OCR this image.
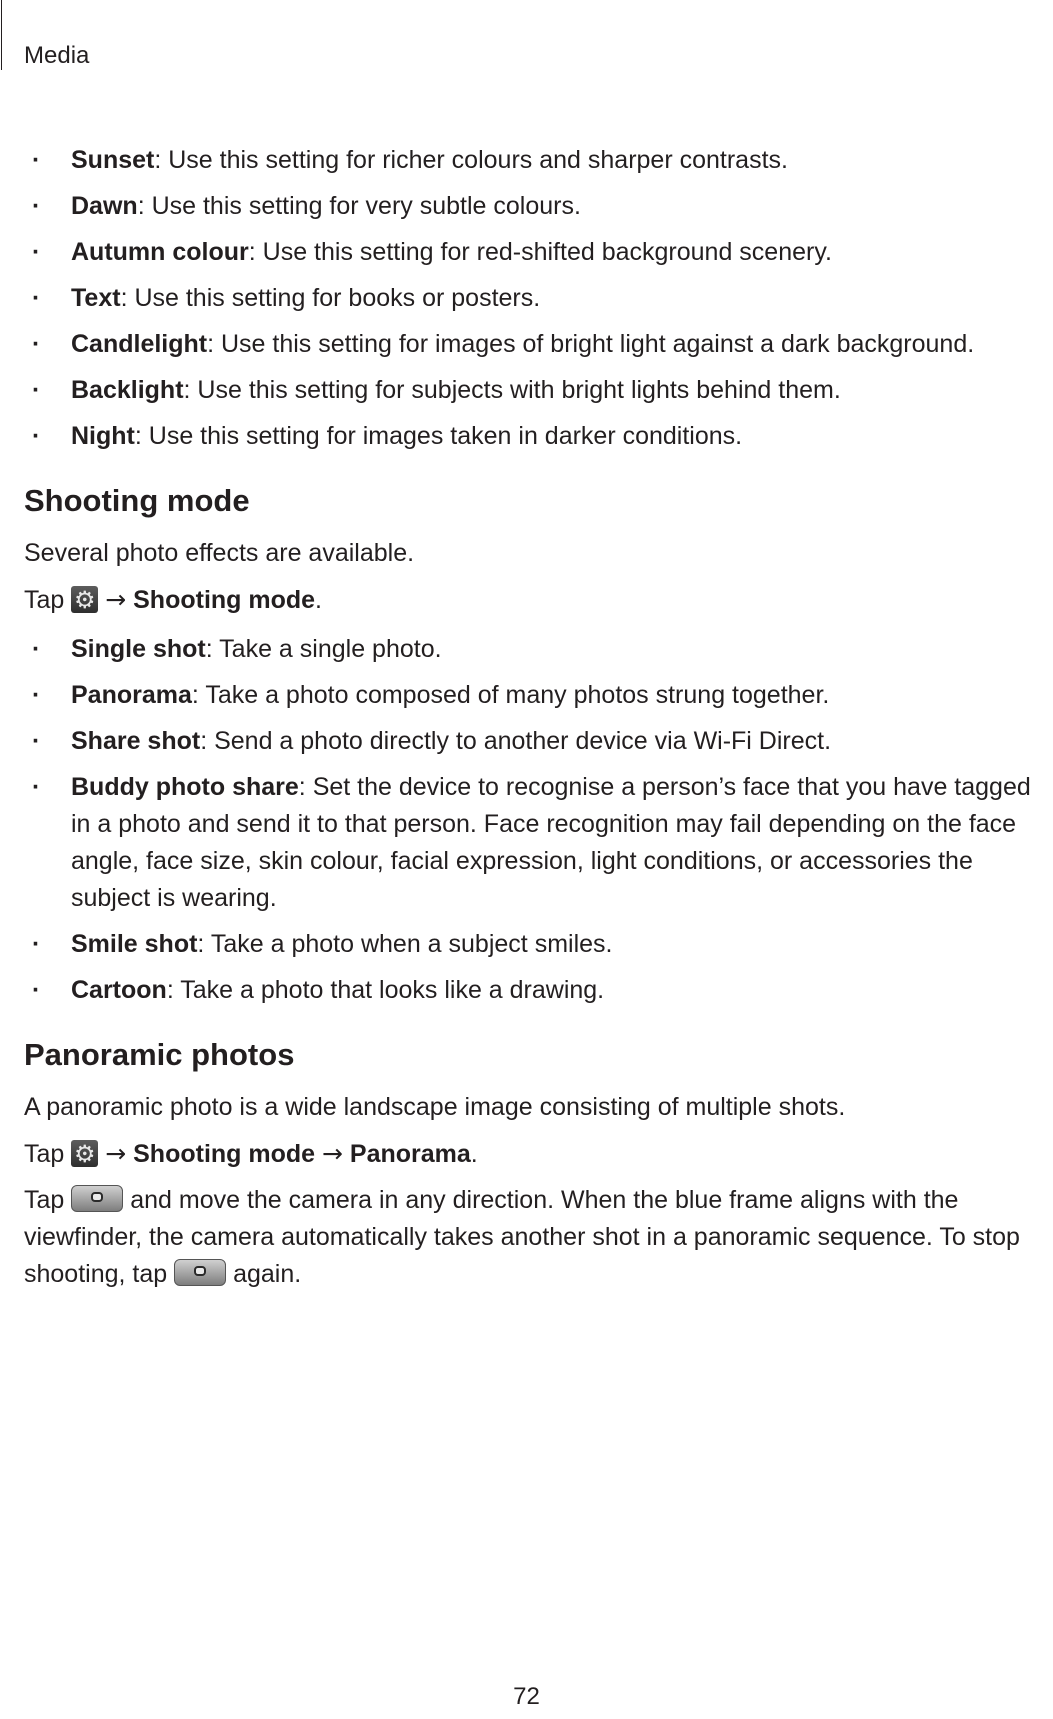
Media
· Sunset: Use this setting for richer colours and sharper contrasts.
· Dawn: Use this setting for very subtle colours.
· Autumn colour: Use this setting for red-shifted background scenery.
· Text: Use this setting for books or posters.
· Candlelight: Use this setting for images of bright light against a dark background.
· Backlight: Use this setting for subjects with bright lights behind them.
· Night: Use this setting for images taken in darker conditions.
Shooting mode

Several photo effects are available.

Tap ⚙ → Shooting mode.

· Single shot: Take a single photo.
· Panorama: Take a photo composed of many photos strung together.
· Share shot: Send a photo directly to another device via Wi-Fi Direct.
· Buddy photo share: Set the device to recognise a person’s face that you have tagged in a photo and send it to that person. Face recognition may fail depending on the face angle, face size, skin colour, facial expression, light conditions, or accessories the subject is wearing.
· Smile shot: Take a photo when a subject smiles.
· Cartoon: Take a photo that looks like a drawing.
Panoramic photos

A panoramic photo is a wide landscape image consisting of multiple shots.

Tap ⚙ → Shooting mode → Panorama.

Tap	and move the camera in any direction. When the blue frame aligns with the viewfinder, the camera automatically takes another shot in a panoramic sequence. To stop shooting, tap	again.

72
